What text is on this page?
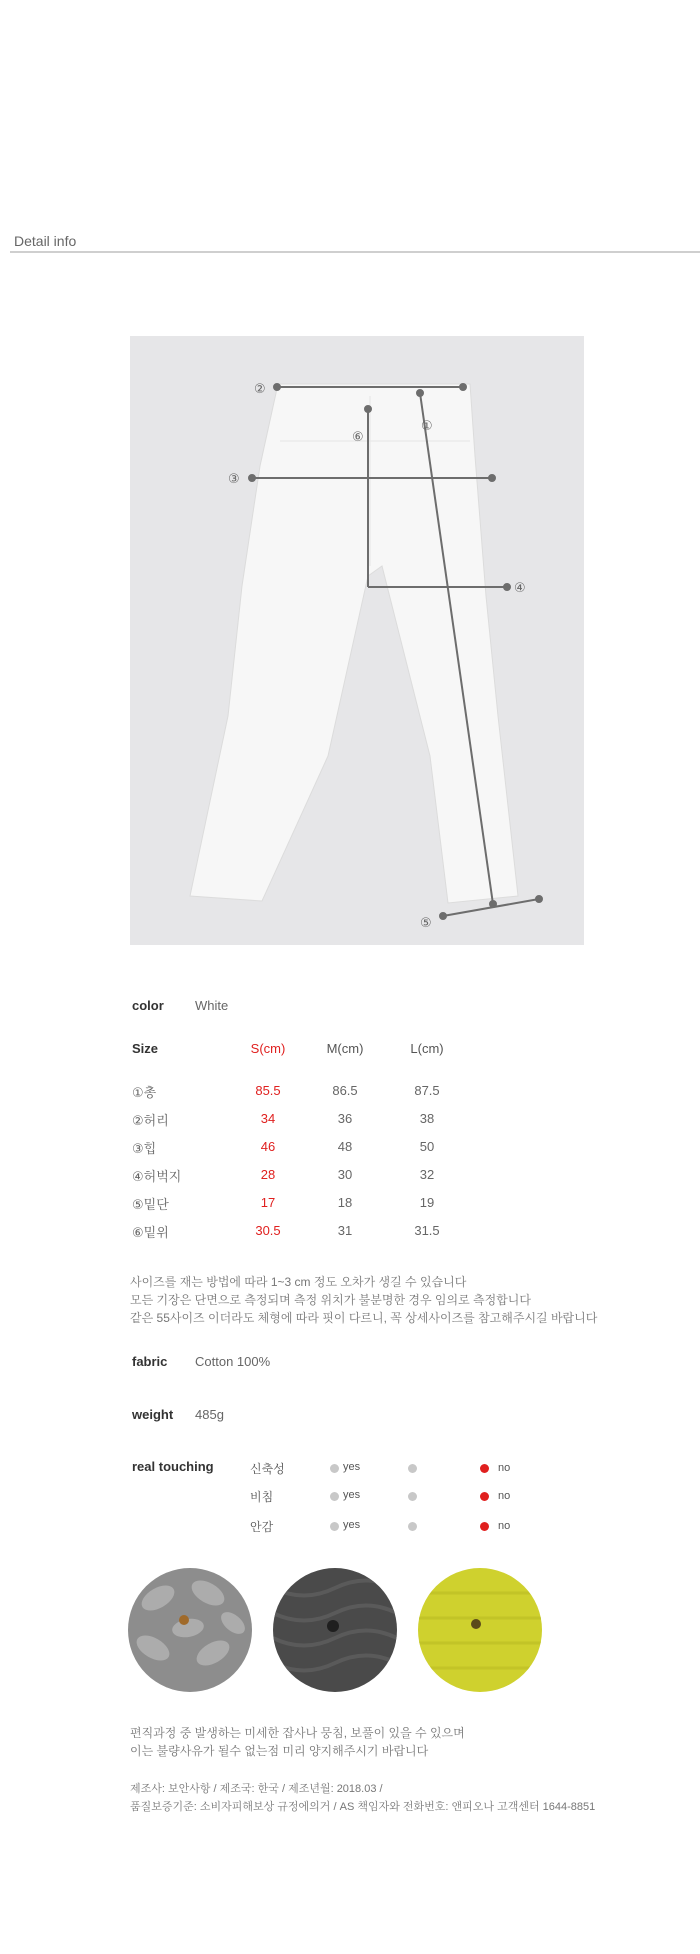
Detail info
①
②
③
④
⑤
⑥
color White
Size	S(cm)	M(cm)	L(cm)
①총	85.5	86.5	87.5
②허리	34	36	38
③힙	46	48	50
④허벅지	28	30	32
⑤밑단	17	18	19
⑥밑위	30.5	31	31.5
사이즈를 재는 방법에 따라 1~3 cm 정도 오차가 생길 수 있습니다
모든 기장은 단면으로 측정되며 측정 위치가 불분명한 경우 임의로 측정합니다
같은 55사이즈 이더라도 체형에 따라 핏이 다르니, 꼭 상세사이즈를 참고해주시길 바랍니다
fabric Cotton 100%
weight 485g
real touching	신축성	yes	no
비침	yes	no
안감	yes	no
편직과정 중 발생하는 미세한 잡사나 뭉침, 보풀이 있을 수 있으며
이는 불량사유가 될수 없는점 미리 양지해주시기 바랍니다
제조사: 보안사항 / 제조국: 한국 / 제조년월: 2018.03 /
품질보증기준: 소비자피해보상 규정에의거 / AS 책임자와 전화번호: 앤피오나 고객센터 1644-8851
